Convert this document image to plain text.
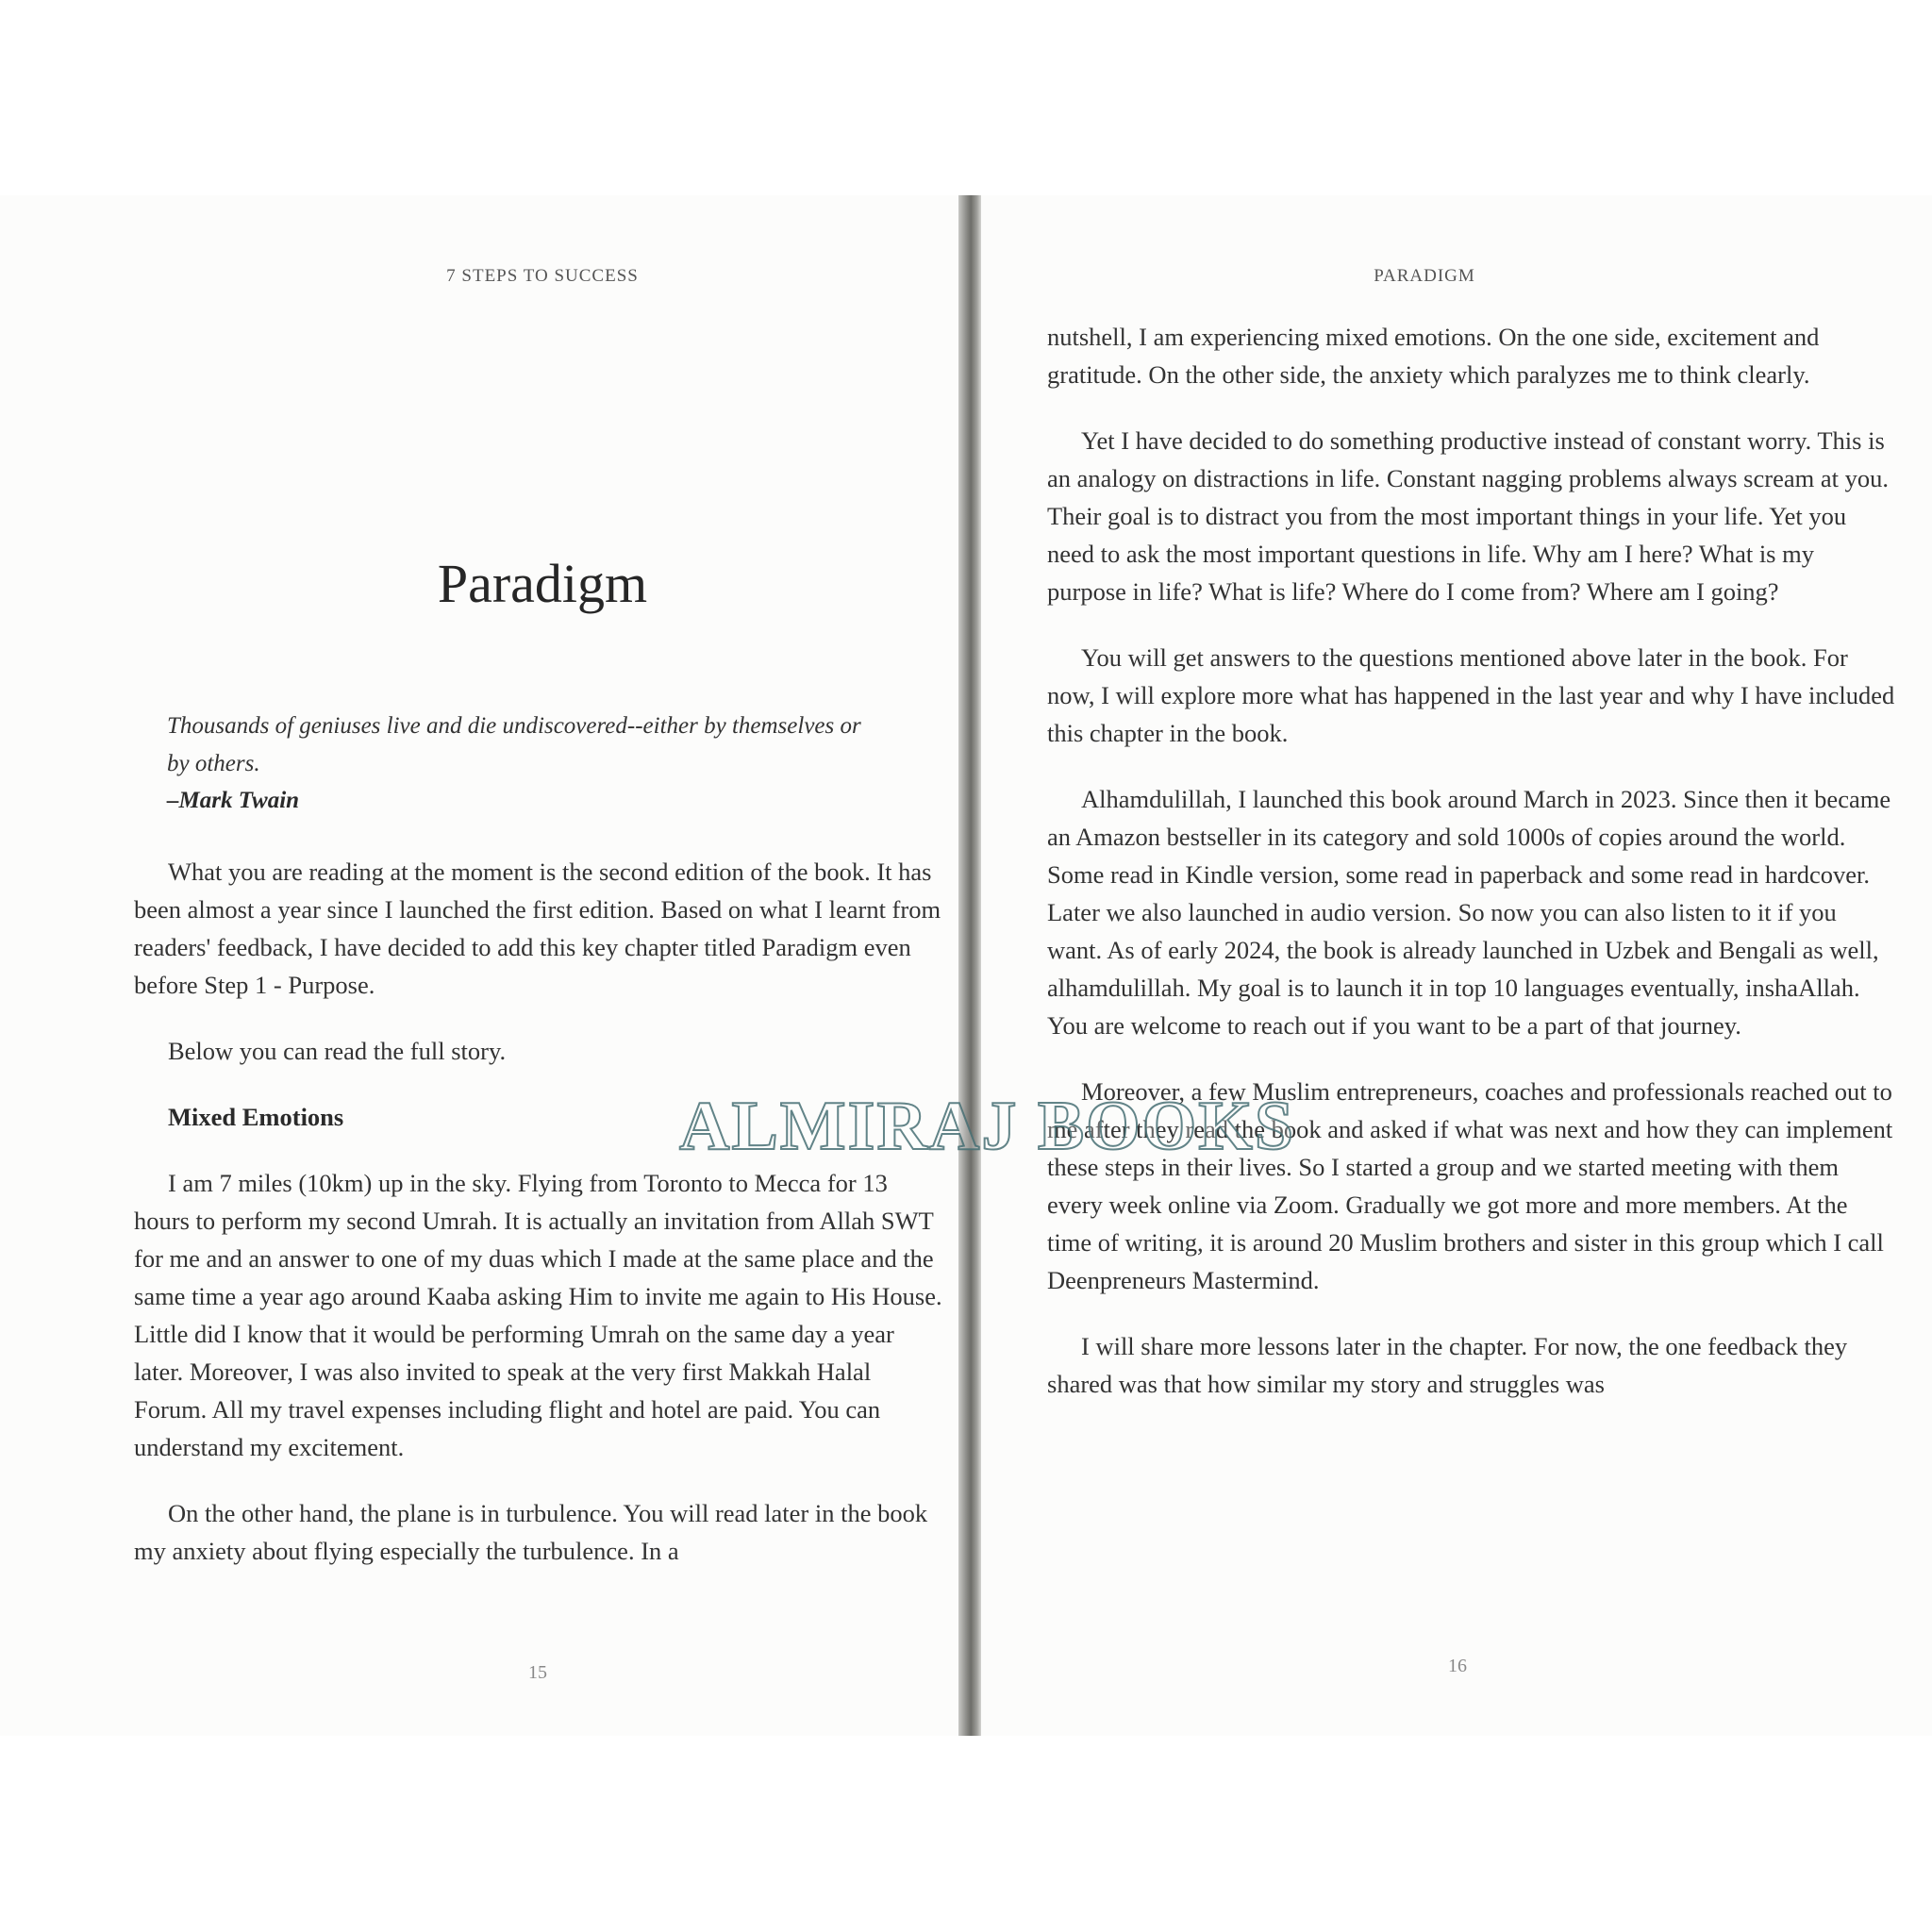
7 STEPS TO SUCCESS
Paradigm
Thousands of geniuses live and die undiscovered--either by themselves or by others.
–Mark Twain

What you are reading at the moment is the second edition of the book. It has been almost a year since I launched the first edition. Based on what I learnt from readers' feedback, I have decided to add this key chapter titled Paradigm even before Step 1 - Purpose.

Below you can read the full story.

Mixed Emotions

I am 7 miles (10km) up in the sky. Flying from Toronto to Mecca for 13 hours to perform my second Umrah. It is actually an invitation from Allah SWT for me and an answer to one of my duas which I made at the same place and the same time a year ago around Kaaba asking Him to invite me again to His House. Little did I know that it would be performing Umrah on the same day a year later. Moreover, I was also invited to speak at the very first Makkah Halal Forum. All my travel expenses including flight and hotel are paid. You can understand my excitement.

On the other hand, the plane is in turbulence. You will read later in the book my anxiety about flying especially the turbulence. In a

15
PARADIGM

nutshell, I am experiencing mixed emotions. On the one side, excitement and gratitude. On the other side, the anxiety which paralyzes me to think clearly.

Yet I have decided to do something productive instead of constant worry. This is an analogy on distractions in life. Constant nagging problems always scream at you. Their goal is to distract you from the most important things in your life. Yet you need to ask the most important questions in life. Why am I here? What is my purpose in life? What is life? Where do I come from? Where am I going?

You will get answers to the questions mentioned above later in the book. For now, I will explore more what has happened in the last year and why I have included this chapter in the book.

Alhamdulillah, I launched this book around March in 2023. Since then it became an Amazon bestseller in its category and sold 1000s of copies around the world. Some read in Kindle version, some read in paperback and some read in hardcover. Later we also launched in audio version. So now you can also listen to it if you want. As of early 2024, the book is already launched in Uzbek and Bengali as well, alhamdulillah. My goal is to launch it in top 10 languages eventually, inshaAllah. You are welcome to reach out if you want to be a part of that journey.

Moreover, a few Muslim entrepreneurs, coaches and professionals reached out to me after they read the book and asked if what was next and how they can implement these steps in their lives. So I started a group and we started meeting with them every week online via Zoom. Gradually we got more and more members. At the time of writing, it is around 20 Muslim brothers and sister in this group which I call Deenpreneurs Mastermind.

I will share more lessons later in the chapter. For now, the one feedback they shared was that how similar my story and struggles was

16
ALMIRAJ BOOKS
